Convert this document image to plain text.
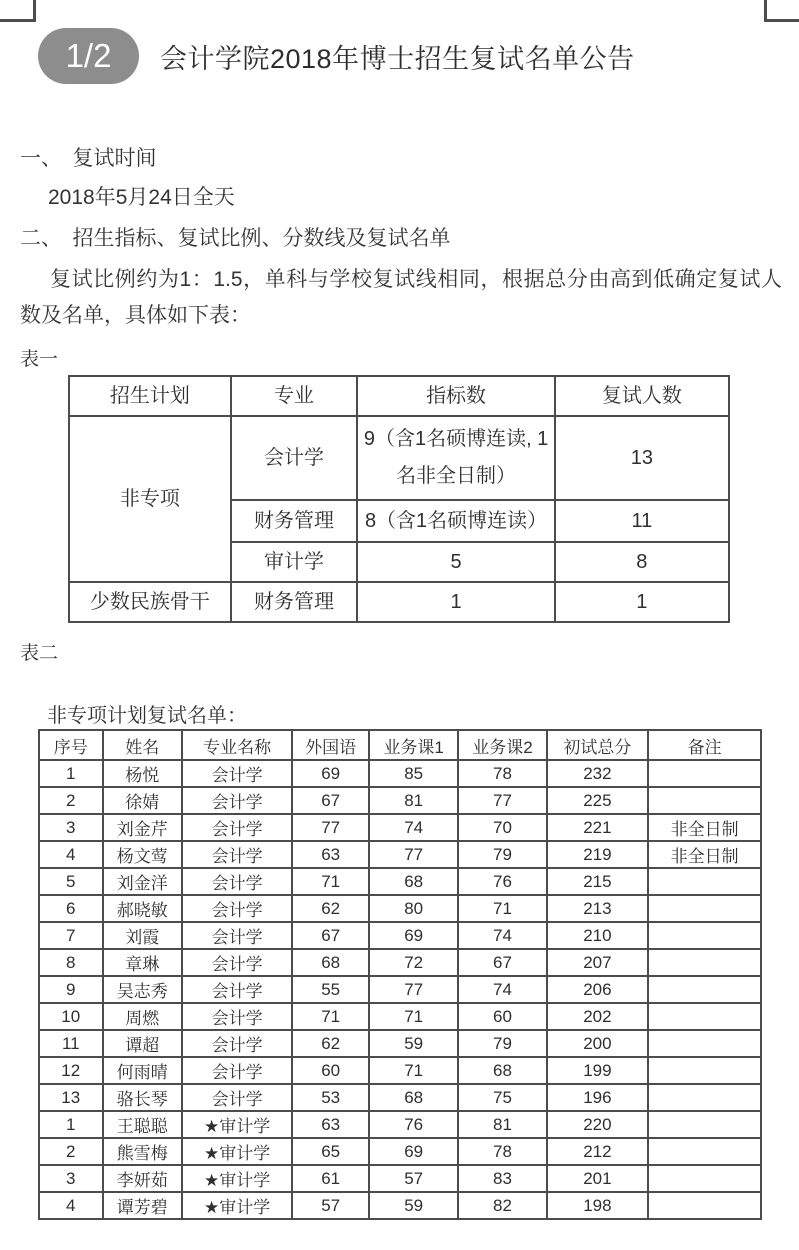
1/2	会计学院2018年博士招生复试名单公告
一、　复试时间
2018年5月24日全天
二、　招生指标、复试比例、分数线及复试名单
复试比例约为1：1.5，单科与学校复试线相同，根据总分由高到低确定复试人数及名单，具体如下表：
表一
招生计划	专业	指标数	复试人数
非专项	会计学	9（含1名硕博连读, 1名非全日制）	13
	财务管理	8（含1名硕博连读）	11
	审计学	5	8
少数民族骨干	财务管理	1	1
表二
非专项计划复试名单：
序号	姓名	专业名称	外国语	业务课1	业务课2	初试总分	备注
1	杨悦	会计学	69	85	78	232	
2	徐婧	会计学	67	81	77	225	
3	刘金芹	会计学	77	74	70	221	非全日制
4	杨文莺	会计学	63	77	79	219	非全日制
5	刘金洋	会计学	71	68	76	215	
6	郝晓敏	会计学	62	80	71	213	
7	刘霞	会计学	67	69	74	210	
8	章琳	会计学	68	72	67	207	
9	吴志秀	会计学	55	77	74	206	
10	周燃	会计学	71	71	60	202	
11	谭超	会计学	62	59	79	200	
12	何雨晴	会计学	60	71	68	199	
13	骆长琴	会计学	53	68	75	196	
1	王聪聪	★审计学	63	76	81	220	
2	熊雪梅	★审计学	65	69	78	212	
3	李妍茹	★审计学	61	57	83	201	
4	谭芳碧	★审计学	57	59	82	198	
